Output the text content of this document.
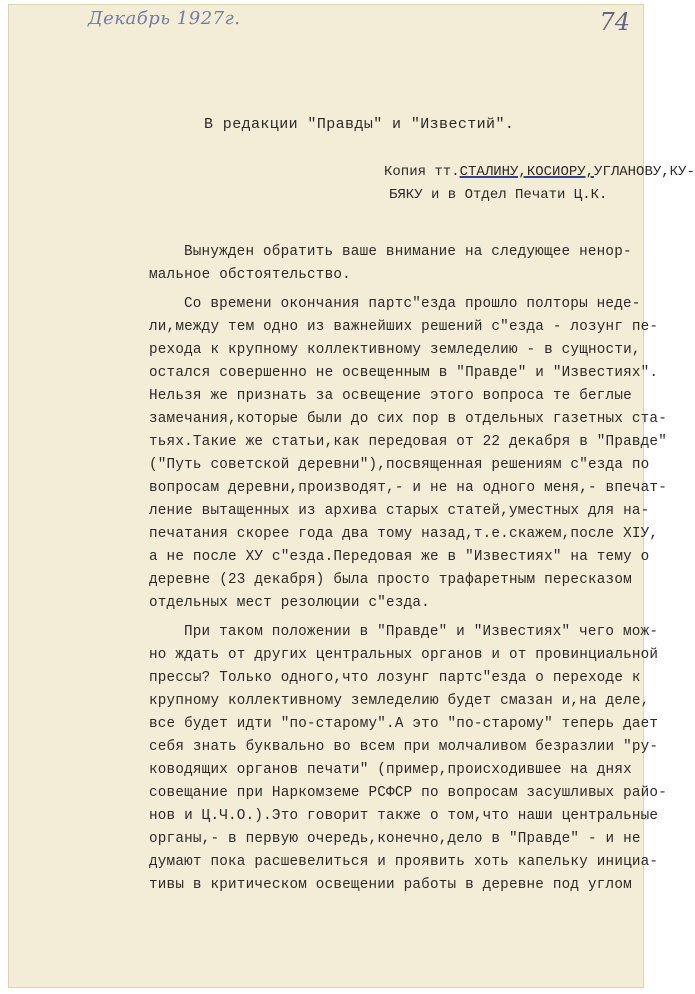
Декабрь 1927г.	74
В редакции "Правды" и "Известий".
Копия тт.СТАЛИНУ,КОСИОРУ,УГЛАНОВУ,КУ-
БЯКУ и в Отдел Печати Ц.К.
Вынужден обратить ваше внимание на следующее ненор-
мальное обстоятельство.
Со времени окончания партс"езда прошло полторы неде-
ли,между тем одно из важнейших решений с"езда - лозунг пе-
рехода к крупному коллективному земледелию - в сущности,
остался совершенно не освещенным в "Правде" и "Известиях".
Нельзя же признать за освещение этого вопроса те беглые
замечания,которые были до сих пор в отдельных газетных ста-
тьях.Такие же статьи,как передовая от 22 декабря в "Правде"
("Путь советской деревни"),посвященная решениям с"езда по
вопросам деревни,производят,- и не на одного меня,- впечат-
ление вытащенных из архива старых статей,уместных для на-
печатания скорее года два тому назад,т.е.скажем,после XIУ,
а не после ХУ с"езда.Передовая же в "Известиях" на тему о
деревне (23 декабря) была просто трафаретным пересказом
отдельных мест резолюции с"езда.
При таком положении в "Правде" и "Известиях" чего мож-
но ждать от других центральных органов и от провинциальной
прессы? Только одного,что лозунг партс"езда о переходе к
крупному коллективному земледелию будет смазан и,на деле,
все будет идти "по-старому".А это "по-старому" теперь дает
себя знать буквально во всем при молчаливом безразлии "ру-
ководящих органов печати" (пример,происходившее на днях
совещание при Наркомземе РСФСР по вопросам засушливых райо-
нов и Ц.Ч.О.).Это говорит также о том,что наши центральные
органы,- в первую очередь,конечно,дело в "Правде" - и не
думают пока расшевелиться и проявить хоть капельку инициа-
тивы в критическом освещении работы в деревне под углом
